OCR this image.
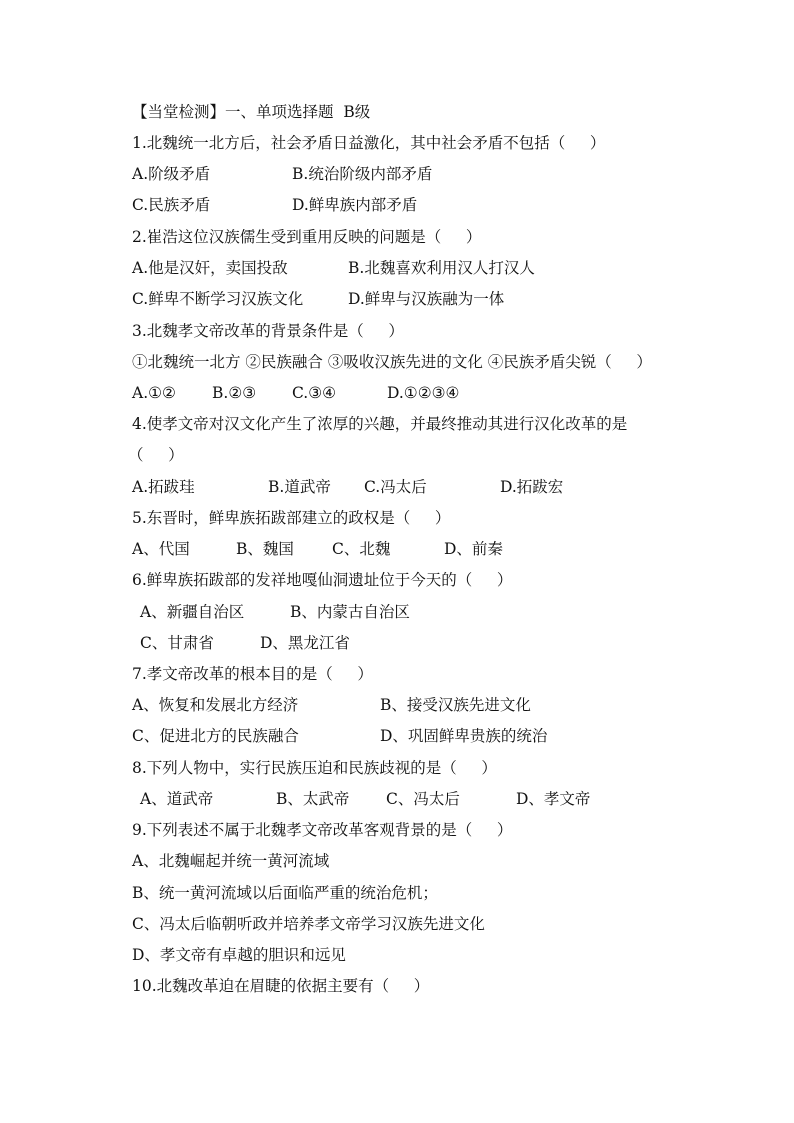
【当堂检测】一、单项选择题  B级
1.北魏统一北方后，社会矛盾日益激化，其中社会矛盾不包括（     ）

A.阶级矛盾

	B.统治阶级内部矛盾

C.民族矛盾

	D.鲜卑族内部矛盾

2.崔浩这位汉族儒生受到重用反映的问题是（     ）

A.他是汉奸，卖国投敌

	B.北魏喜欢利用汉人打汉人

C.鲜卑不断学习汉族文化

	D.鲜卑与汉族融为一体

3.北魏孝文帝改革的背景条件是（     ）
①北魏统一北方 ②民族融合 ③吸收汉族先进的文化 ④民族矛盾尖锐（     ）

A.①②

B.②③

C.③④

	D.①②③④

4.使孝文帝对汉文化产生了浓厚的兴趣，并最终推动其进行汉化改革的是
（     ）

A.拓跋珪

	B.道武帝

C.冯太后

	D.拓跋宏

5.东晋时，鲜卑族拓跋部建立的政权是（     ）

A、代国

	B、魏国

C、北魏

	D、前秦

6.鲜卑族拓跋部的发祥地嘎仙洞遗址位于今天的（     ）

A、新疆自治区

	B、内蒙古自治区

C、甘肃省

	D、黑龙江省

7.孝文帝改革的根本目的是（     ）

A、恢复和发展北方经济

	B、接受汉族先进文化

C、促进北方的民族融合

	D、巩固鲜卑贵族的统治

8.下列人物中，实行民族压迫和民族歧视的是（     ）

A、道武帝

	B、太武帝

C、冯太后

	D、孝文帝

9.下列表述不属于北魏孝文帝改革客观背景的是（     ）
A、北魏崛起并统一黄河流域
B、统一黄河流域以后面临严重的统治危机；
C、冯太后临朝听政并培养孝文帝学习汉族先进文化
D、孝文帝有卓越的胆识和远见
10.北魏改革迫在眉睫的依据主要有（     ）
